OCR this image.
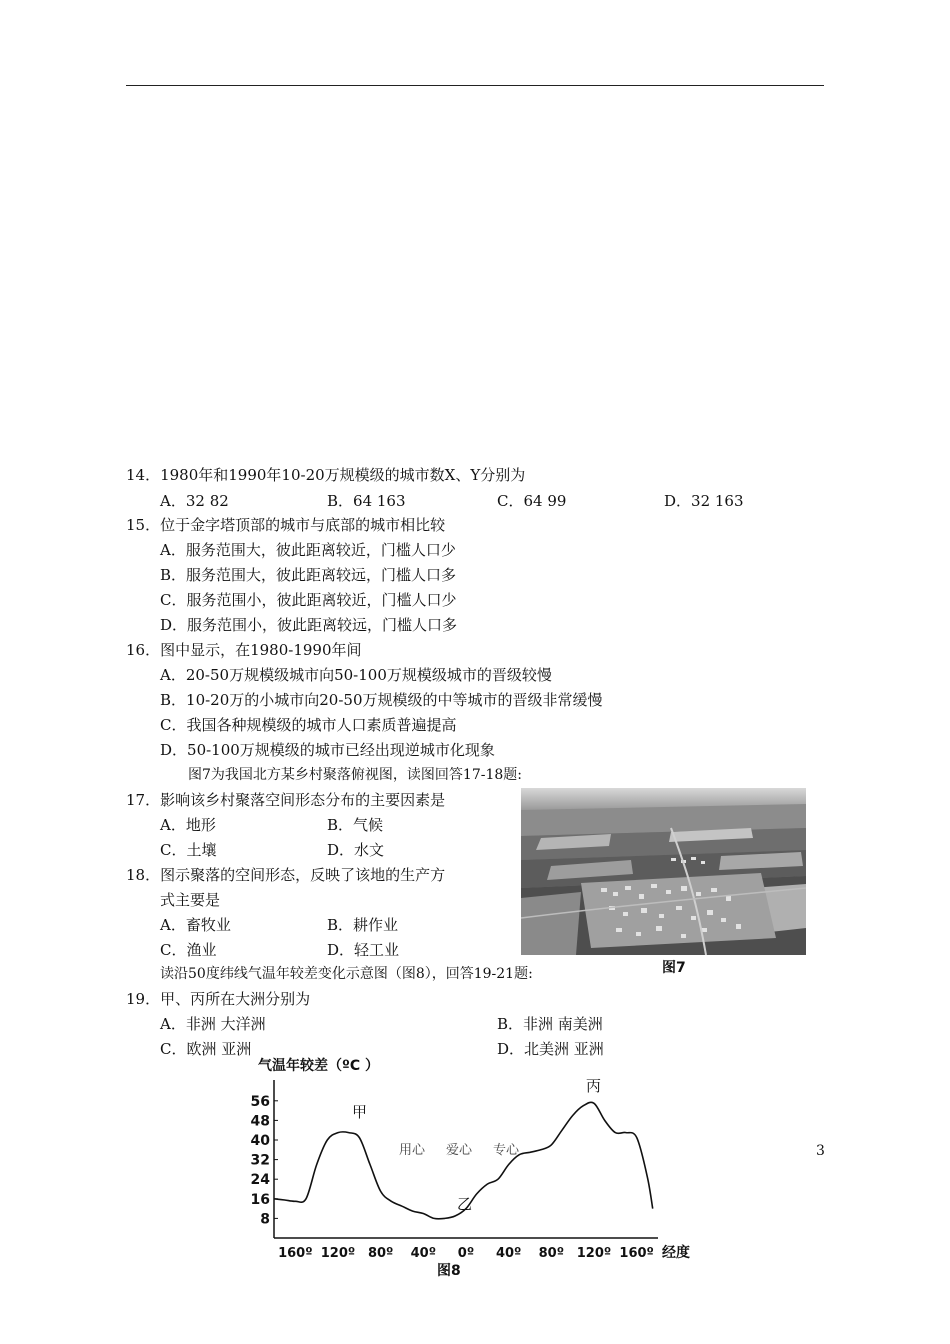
14．1980年和1990年10-20万规模级的城市数X、Y分别为
A．32 82	B．64 163	C．64 99	D．32 163
15．位于金字塔顶部的城市与底部的城市相比较
A．服务范围大，彼此距离较近，门槛人口少
B．服务范围大，彼此距离较远，门槛人口多
C．服务范围小，彼此距离较近，门槛人口少
D．服务范围小，彼此距离较远，门槛人口多
16．图中显示，在1980-1990年间
A．20-50万规模级城市向50-100万规模级城市的晋级较慢
B．10-20万的小城市向20-50万规模级的中等城市的晋级非常缓慢
C．我国各种规模级的城市人口素质普遍提高
D．50-100万规模级的城市已经出现逆城市化现象
图7为我国北方某乡村聚落俯视图，读图回答17-18题:
17．影响该乡村聚落空间形态分布的主要因素是
A．地形	B．气候
C．土壤	D．水文
18．图示聚落的空间形态，反映了该地的生产方
式主要是
A．畜牧业	B．耕作业
C．渔业	D．轻工业
图7
读沿50度纬线气温年较差变化示意图（图8），回答19-21题:
19．甲、丙所在大洲分别为
A．非洲 大洋洲	B．非洲 南美洲
C．欧洲 亚洲	D．北美洲 亚洲
气温年较差（ºC ）
56
48
40
32
24
16
8
160º 120º 80º 40º 0º 40º 80º 120º 160º
甲
乙
丙
经度
用心 爱心 专心
图8
3
